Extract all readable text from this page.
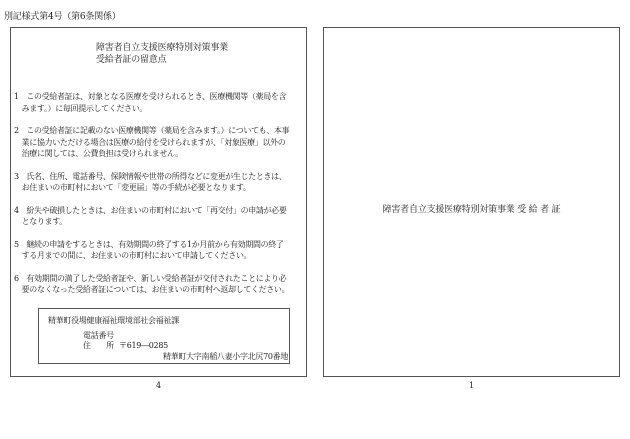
別記様式第4号（第6条関係）
障害者自立支援医療特別対策事業
受給者証の留意点

1　この受給者証は、対象となる医療を受けられるとき、医療機関等（薬局を含
　みます。）に毎回提示してください。

2　この受給者証に記載のない医療機関等（薬局を含みます。）についても、本事
　業に協力いただける場合は医療の給付を受けられますが、「対象医療」以外の
　治療に関しては、公費負担は受けられません。

3　氏名、住所、電話番号、保険情報や世帯の所得などに変更が生じたときは、
　お住まいの市町村において「変更届」等の手続が必要となります。

4　紛失や破損したときは、お住まいの市町村において「再交付」の申請が必要
　となります。

5　継続の申請をするときは、有効期間の終了する1か月前から有効期間の終了
　する月までの間に、お住まいの市町村において申請してください。

6　有効期間の満了した受給者証や、新しい受給者証が交付されたことにより必
　要のなくなった受給者証については、お住まいの市町村へ返却してください。

精華町役場健康福祉環境部社会福祉課
電話番号
住　　所 〒619―0285
精華町大字南稲八妻小字北尻70番地
障害者自立支援医療特別対策事業 受 給 者 証
4	1
